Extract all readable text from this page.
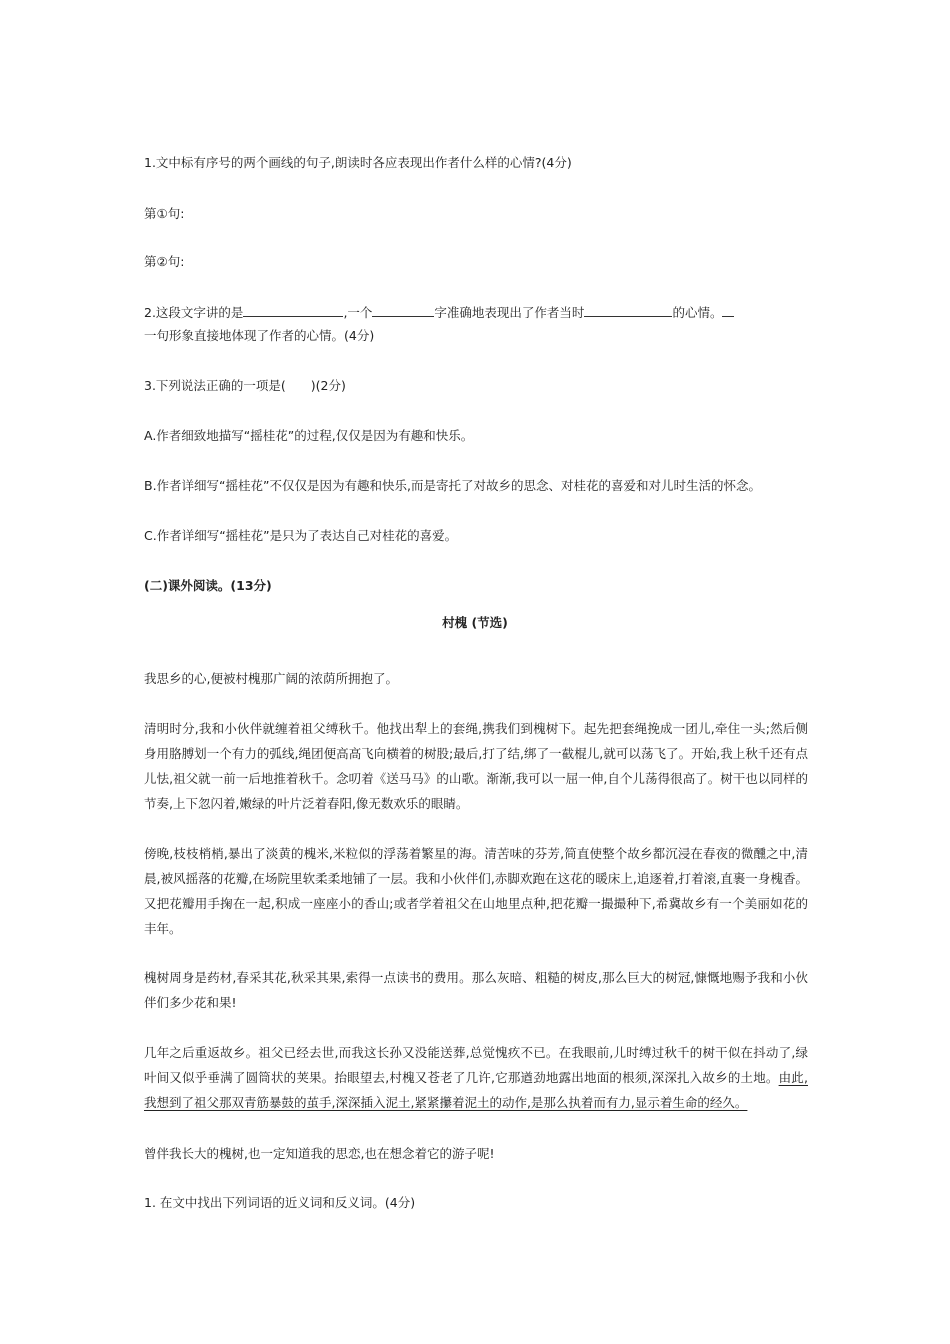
1.文中标有序号的两个画线的句子,朗读时各应表现出作者什么样的心情?(4分)
第①句:
第②句:
2.这段文字讲的是	,一个	字准确地表现出了作者当时	的心情。
一句形象直接地体现了作者的心情。(4分)
3.下列说法正确的一项是(　　)(2分)
A.作者细致地描写“摇桂花”的过程,仅仅是因为有趣和快乐。
B.作者详细写“摇桂花”不仅仅是因为有趣和快乐,而是寄托了对故乡的思念、对桂花的喜爱和对儿时生活的怀念。
C.作者详细写“摇桂花”是只为了表达自己对桂花的喜爱。
(二)课外阅读。(13分)
村槐 (节选)
我思乡的心,便被村槐那广阔的浓荫所拥抱了。
清明时分,我和小伙伴就缠着祖父缚秋千。他找出犁上的套绳,携我们到槐树下。起先把套绳挽成一团儿,牵住一头;然后侧身用胳膊划一个有力的弧线,绳团便高高飞向横着的树股;最后,打了结,绑了一截棍儿,就可以荡飞了。开始,我上秋千还有点儿怯,祖父就一前一后地推着秋千。念叨着《送马马》的山歌。渐渐,我可以一屈一伸,自个儿荡得很高了。树干也以同样的节奏,上下忽闪着,嫩绿的叶片泛着春阳,像无数欢乐的眼睛。
傍晚,枝枝梢梢,暴出了淡黄的槐米,米粒似的浮荡着繁星的海。清苦味的芬芳,简直使整个故乡都沉浸在春夜的微醺之中,清晨,被风摇落的花瓣,在场院里软柔柔地铺了一层。我和小伙伴们,赤脚欢跑在这花的暖床上,追逐着,打着滚,直裹一身槐香。又把花瓣用手掬在一起,积成一座座小的香山;或者学着祖父在山地里点种,把花瓣一撮撮种下,希冀故乡有一个美丽如花的丰年。
槐树周身是药材,春采其花,秋采其果,索得一点读书的费用。那么灰暗、粗糙的树皮,那么巨大的树冠,慷慨地赐予我和小伙伴们多少花和果!
几年之后重返故乡。祖父已经去世,而我这长孙又没能送葬,总觉愧疚不已。在我眼前,儿时缚过秋千的树干似在抖动了,绿叶间又似乎垂满了圆筒状的荚果。抬眼望去,村槐又苍老了几许,它那遒劲地露出地面的根须,深深扎入故乡的土地。由此,我想到了祖父那双青筋暴鼓的茧手,深深插入泥土,紧紧攥着泥土的动作,是那么执着而有力,显示着生命的经久。
曾伴我长大的槐树,也一定知道我的思恋,也在想念着它的游子呢!
1. 在文中找出下列词语的近义词和反义词。(4分)
